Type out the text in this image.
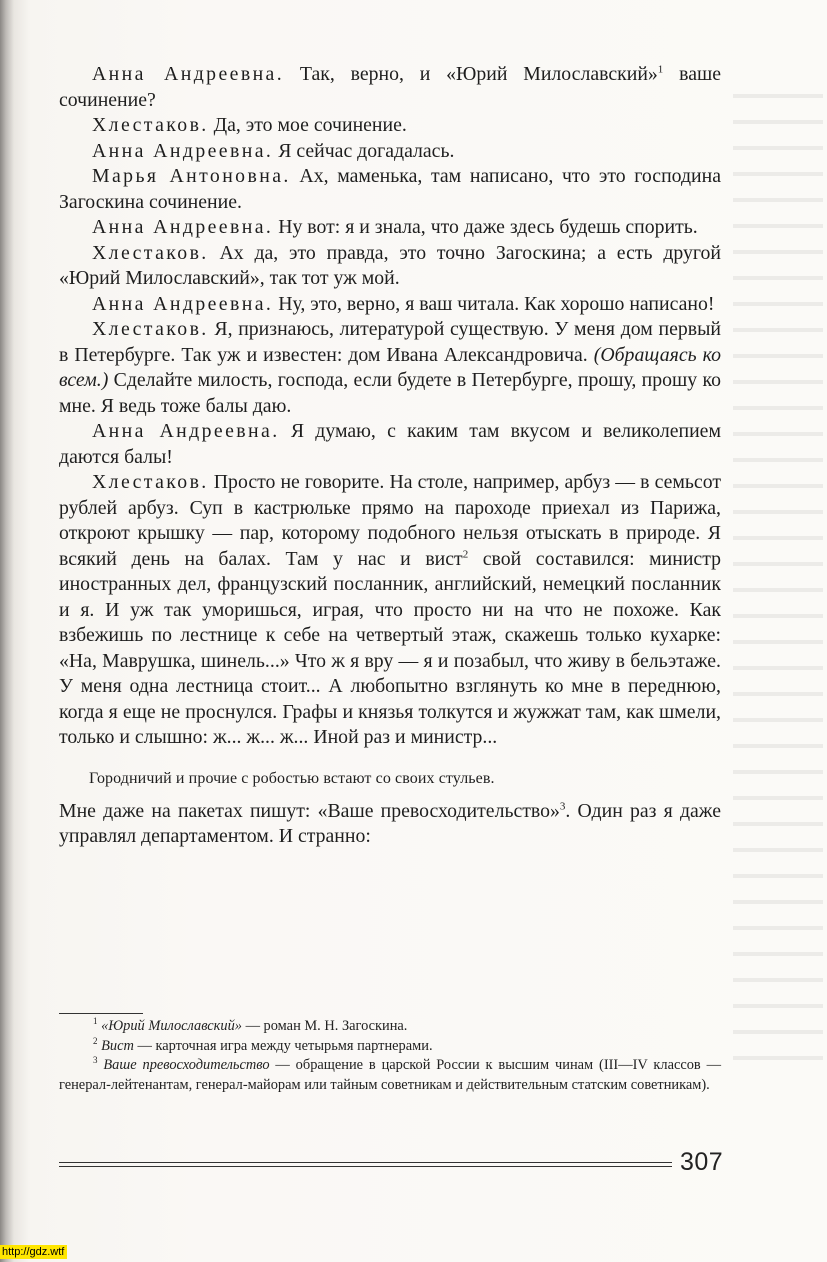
Анна Андреевна. Так, верно, и «Юрий Милославский»$^1$ ваше сочинение?

Хлестаков. Да, это мое сочинение.

Анна Андреевна. Я сейчас догадалась.

Марья Антоновна. Ах, маменька, там написано, что это господина Загоскина сочинение.

Анна Андреевна. Ну вот: я и знала, что даже здесь будешь спорить.

Хлестаков. Ах да, это правда, это точно Загоскина; а есть другой «Юрий Милославский», так тот уж мой.

Анна Андреевна. Ну, это, верно, я ваш читала. Как хорошо написано!

Хлестаков. Я, признаюсь, литературой существую. У меня дом первый в Петербурге. Так уж и известен: дом Ивана Александровича. (Обращаясь ко всем.) Сделайте милость, господа, если будете в Петербурге, прошу, прошу ко мне. Я ведь тоже балы даю.

Анна Андреевна. Я думаю, с каким там вкусом и великолепием даются балы!

Хлестаков. Просто не говорите. На столе, например, арбуз — в семьсот рублей арбуз. Суп в кастрюльке прямо на пароходе приехал из Парижа, откроют крышку — пар, которому подобного нельзя отыскать в природе. Я всякий день на балах. Там у нас и вист$^2$ свой составился: министр иностранных дел, французский посланник, английский, немецкий посланник и я. И уж так уморишься, играя, что просто ни на что не похоже. Как взбежишь по лестнице к себе на четвертый этаж, скажешь только кухарке: «На, Маврушка, шинель...» Что ж я вру — я и позабыл, что живу в бельэтаже. У меня одна лестница стоит... А любопытно взглянуть ко мне в переднюю, когда я еще не проснулся. Графы и князья толкутся и жужжат там, как шмели, только и слышно: ж... ж... ж... Иной раз и министр...

Городничий и прочие с робостью встают со своих стульев.

Мне даже на пакетах пишут: «Ваше превосходительство»$^3$. Один раз я даже управлял департаментом. И странно:

$^1$ «Юрий Милославский» — роман М. Н. Загоскина.

$^2$ Вист — карточная игра между четырьмя партнерами.

$^3$ Ваше превосходительство — обращение в царской России к высшим чинам (III—IV классов — генерал-лейтенантам, генерал-майорам или тайным советникам и действительным статским советникам).

307
http://gdz.wtf
